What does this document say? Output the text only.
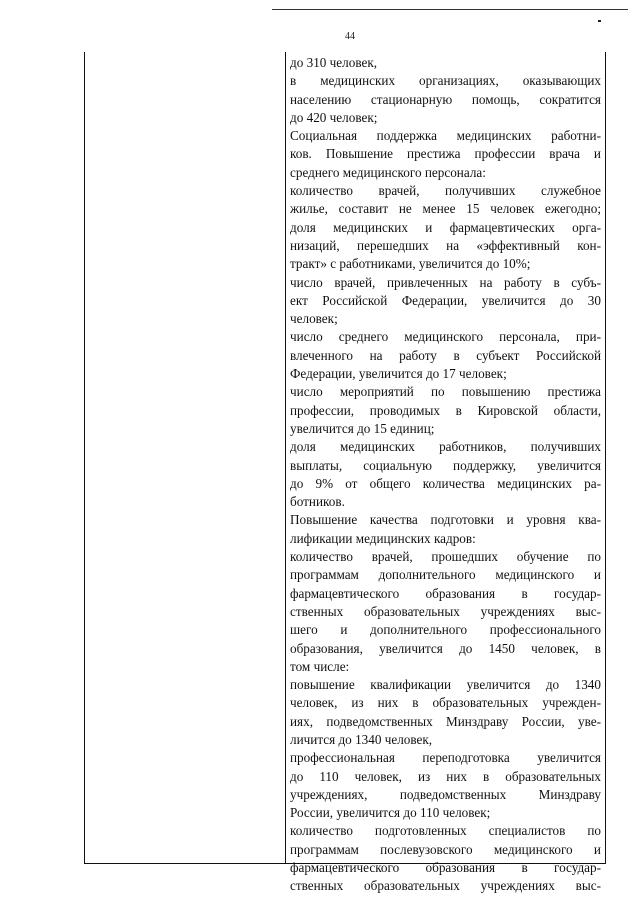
44
до 310 человек,
в медицинских организациях, оказывающих
населению стационарную помощь, сократится
до 420 человек;
Социальная поддержка медицинских работни-
ков. Повышение престижа профессии врача и
среднего медицинского персонала:
количество врачей, получивших служебное
жилье, составит не менее 15 человек ежегодно;
доля медицинских и фармацевтических орга-
низаций, перешедших на «эффективный кон-
тракт» с работниками, увеличится до 10%;
число врачей, привлеченных на работу в субъ-
ект Российской Федерации, увеличится до 30
человек;
число среднего медицинского персонала, при-
влеченного на работу в субъект Российской
Федерации, увеличится до 17 человек;
число мероприятий по повышению престижа
профессии, проводимых в Кировской области,
увеличится до 15 единиц;
доля медицинских работников, получивших
выплаты, социальную поддержку, увеличится
до 9% от общего количества медицинских ра-
ботников.
Повышение качества подготовки и уровня ква-
лификации медицинских кадров:
количество врачей, прошедших обучение по
программам дополнительного медицинского и
фармацевтического образования в государ-
ственных образовательных учреждениях выс-
шего и дополнительного профессионального
образования, увеличится до 1450 человек, в
том числе:
повышение квалификации увеличится до 1340
человек, из них в образовательных учрежден-
иях, подведомственных Минздраву России, уве-
личится до 1340 человек,
профессиональная переподготовка увеличится
до 110 человек, из них в образовательных
учреждениях, подведомственных Минздраву
России, увеличится до 110 человек;
количество подготовленных специалистов по
программам послевузовского медицинского и
фармацевтического образования в государ-
ственных образовательных учреждениях выс-
